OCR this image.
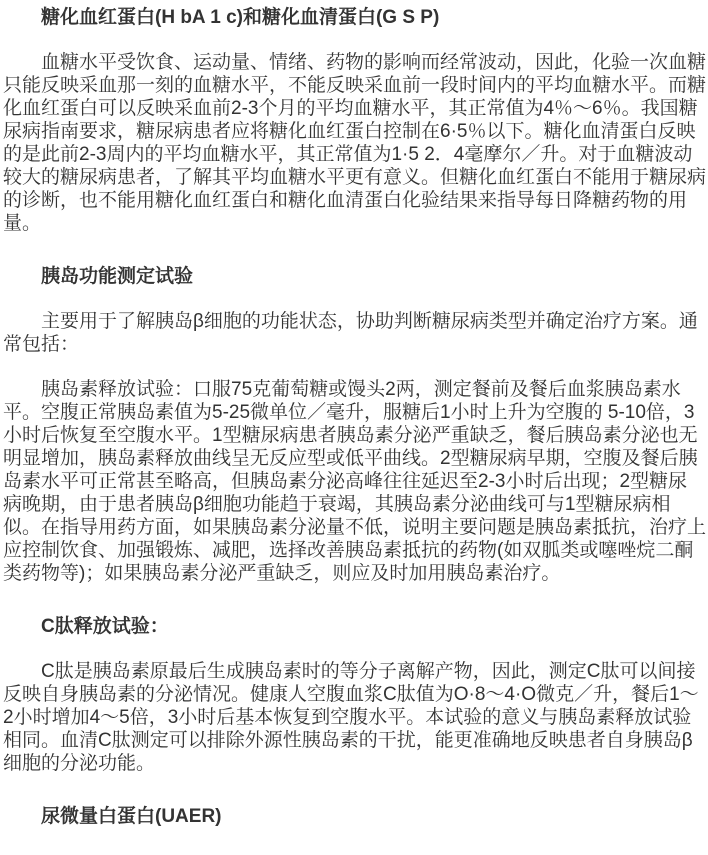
糖化血红蛋白(H bA 1 c)和糖化血清蛋白(G S P)

血糖水平受饮食、运动量、情绪、药物的影响而经常波动，因此，化验一次血糖只能反映采血那一刻的血糖水平，不能反映采血前一段时间内的平均血糖水平。而糖化血红蛋白可以反映采血前2-3个月的平均血糖水平，其正常值为4％～6％。我国糖尿病指南要求，糖尿病患者应将糖化血红蛋白控制在6·5％以下。糖化血清蛋白反映的是此前2-3周内的平均血糖水平，其正常值为1·5 2．4毫摩尔／升。对于血糖波动较大的糖尿病患者，了解其平均血糖水平更有意义。但糖化血红蛋白不能用于糖尿病的诊断，也不能用糖化血红蛋白和糖化血清蛋白化验结果来指导每日降糖药物的用量。

胰岛功能测定试验

主要用于了解胰岛β细胞的功能状态，协助判断糖尿病类型并确定治疗方案。通常包括：

胰岛素释放试验：口服75克葡萄糖或馒头2两，测定餐前及餐后血浆胰岛素水平。空腹正常胰岛素值为5-25微单位／毫升，服糖后1小时上升为空腹的 5-10倍，3小时后恢复至空腹水平。1型糖尿病患者胰岛素分泌严重缺乏，餐后胰岛素分泌也无明显增加，胰岛素释放曲线呈无反应型或低平曲线。2型糖尿病早期，空腹及餐后胰岛素水平可正常甚至略高，但胰岛素分泌高峰往往延迟至2-3小时后出现；2型糖尿病晚期，由于患者胰岛β细胞功能趋于衰竭，其胰岛素分泌曲线可与1型糖尿病相似。在指导用药方面，如果胰岛素分泌量不低，说明主要问题是胰岛素抵抗，治疗上应控制饮食、加强锻炼、减肥，选择改善胰岛素抵抗的药物(如双胍类或噻唑烷二酮类药物等)；如果胰岛素分泌严重缺乏，则应及时加用胰岛素治疗。

C肽释放试验：

C肽是胰岛素原最后生成胰岛素时的等分子离解产物，因此，测定C肽可以间接反映自身胰岛素的分泌情况。健康人空腹血浆C肽值为O·8～4·O微克／升，餐后1～2小时增加4～5倍，3小时后基本恢复到空腹水平。本试验的意义与胰岛素释放试验相同。血清C肽测定可以排除外源性胰岛素的干扰，能更准确地反映患者自身胰岛β细胞的分泌功能。

尿微量白蛋白(UAER)
